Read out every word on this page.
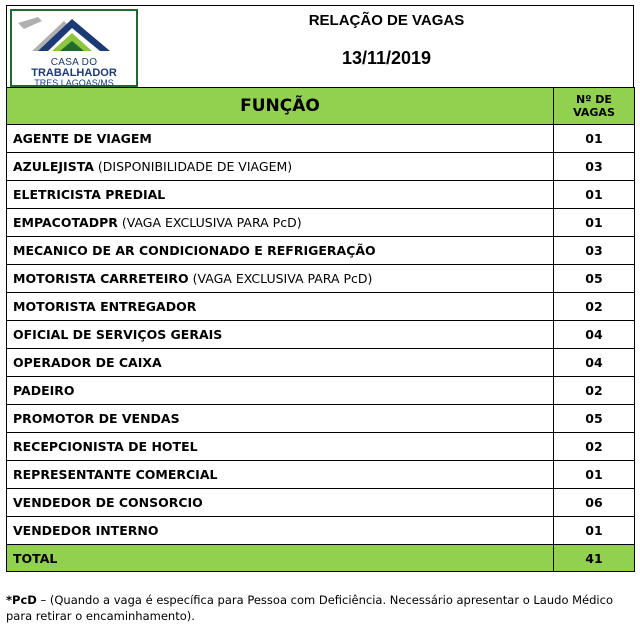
CASA DO
TRABALHADOR
TRES LAGOAS/MS
RELAÇÃO DE VAGAS
13/11/2019
FUNÇÃO	Nº DE
VAGAS
AGENTE DE VIAGEM	01
AZULEJISTA (DISPONIBILIDADE DE VIAGEM)	03
ELETRICISTA PREDIAL	01
EMPACOTADPR (VAGA EXCLUSIVA PARA PcD)	01
MECANICO DE AR CONDICIONADO E REFRIGERAÇÃO	03
MOTORISTA CARRETEIRO (VAGA EXCLUSIVA PARA PcD)	05
MOTORISTA ENTREGADOR	02
OFICIAL DE SERVIÇOS GERAIS	04
OPERADOR DE CAIXA	04
PADEIRO	02
PROMOTOR DE VENDAS	05
RECEPCIONISTA DE HOTEL	02
REPRESENTANTE COMERCIAL	01
VENDEDOR DE CONSORCIO	06
VENDEDOR INTERNO	01
TOTAL	41
*PcD – (Quando a vaga é específica para Pessoa com Deficiência. Necessário apresentar o Laudo Médico para retirar o encaminhamento).
